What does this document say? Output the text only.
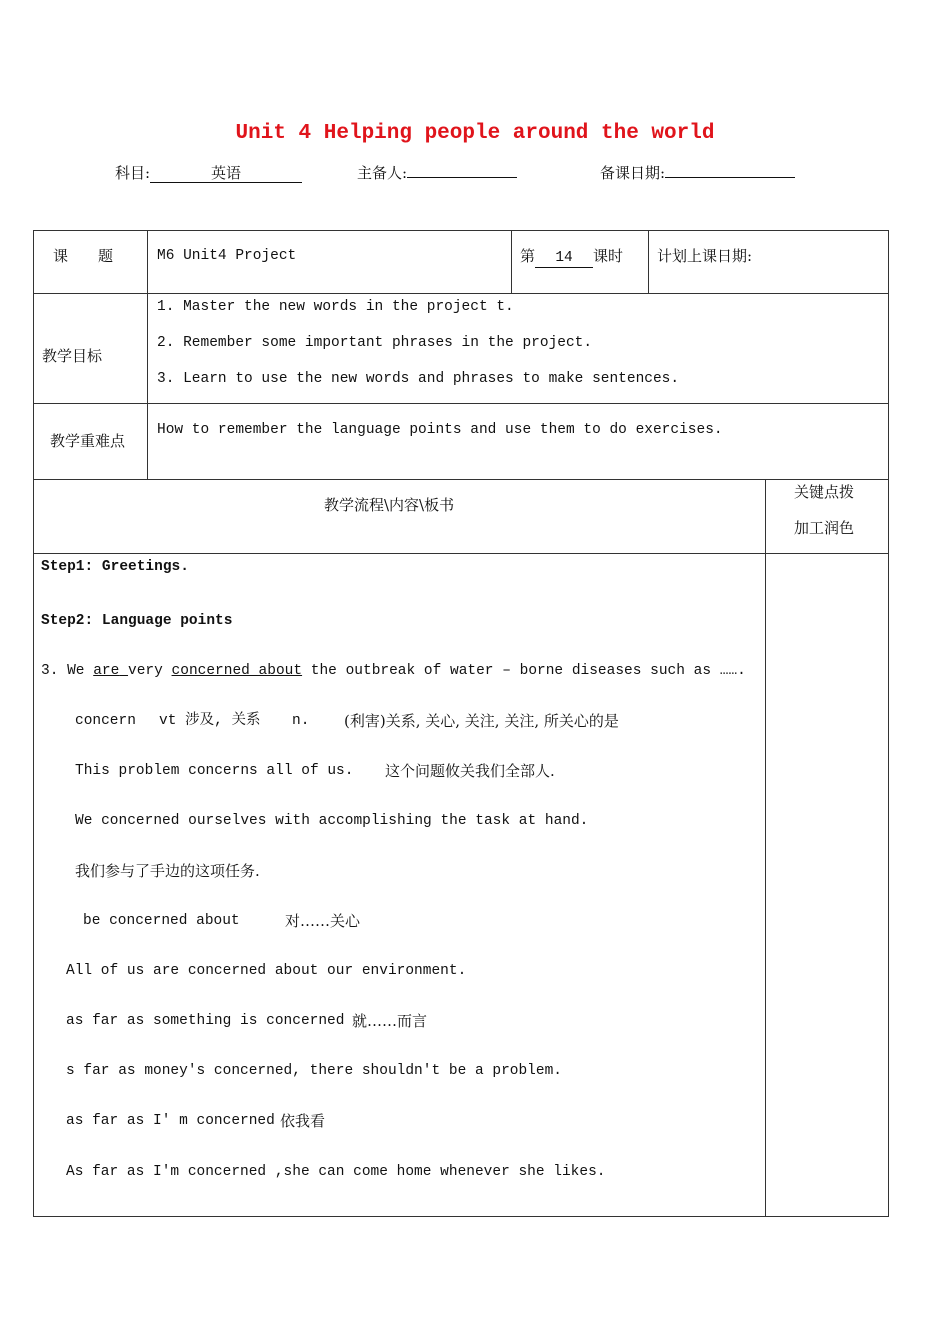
Unit 4 Helping people around the world
科目:	英语	主备人:	备课日期:
课　　题	M6 Unit4 Project	第 14 课时 计划上课日期:
教学目标
1. Master the new words in the project t.
2. Remember some important phrases in the project.
3. Learn to use the new words and phrases to make sentences.
教学重难点
How to remember the language points and use them to do exercises.
教学流程\内容\板书
关键点拨
加工润色
Step1: Greetings.
Step2: Language points
3. We are very concerned about the outbreak of water – borne diseases such as …….
concern vt 涉及, 关系 n. (利害)关系, 关心, 关注, 关注, 所关心的是
This problem concerns all of us. 这个问题攸关我们全部人.
We concerned ourselves with accomplishing the task at hand.
我们参与了手边的这项任务.
be concerned about	对……关心
All of us are concerned about our environment.
as far as something is concerned 就……而言
s far as money's concerned, there shouldn't be a problem.
as far as I' m concerned 依我看
As far as I'm concerned ,she can come home whenever she likes.
